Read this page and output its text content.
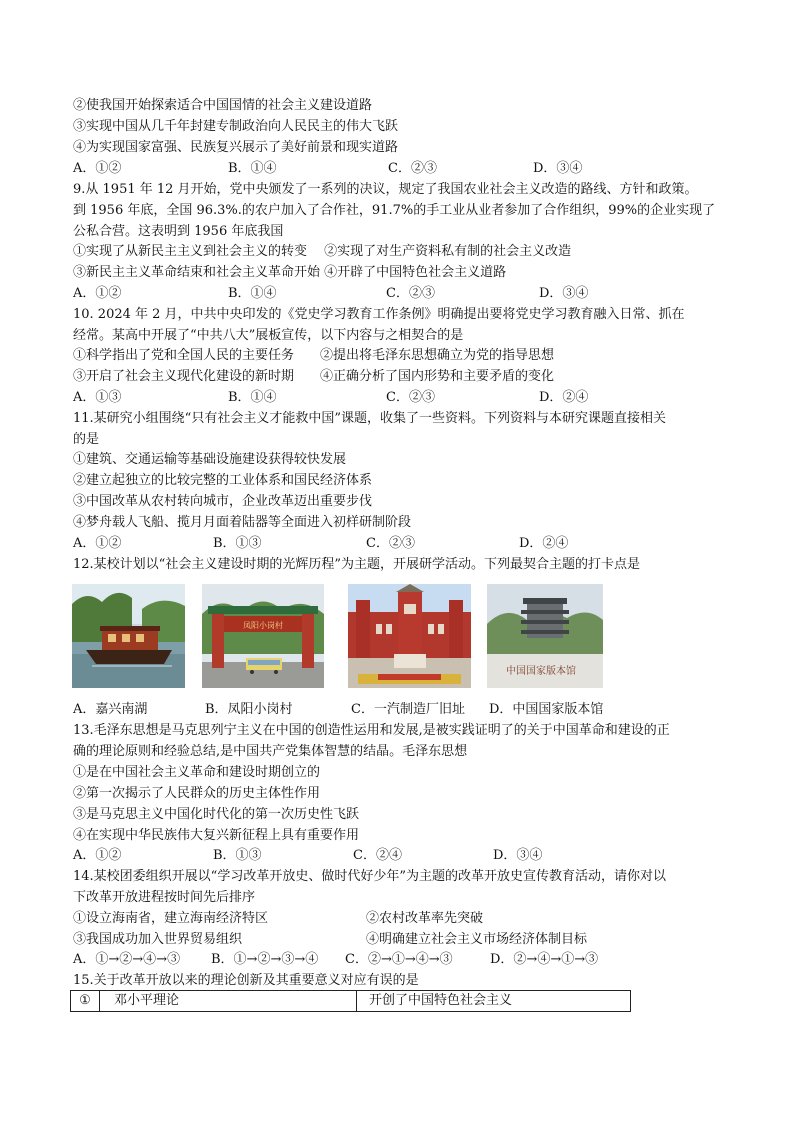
②使我国开始探索适合中国国情的社会主义建设道路
③实现中国从几千年封建专制政治向人民民主的伟大飞跃
④为实现国家富强、民族复兴展示了美好前景和现实道路
A．①②	B．①④	C．②③	D．③④
9.从 1951 年 12 月开始，党中央颁发了一系列的决议，规定了我国农业社会主义改造的路线、方针和政策。
到 1956 年底，全国 96.3%.的农户加入了合作社，91.7%的手工业从业者参加了合作组织，99%的企业实现了
公私合营。这表明到 1956 年底我国
①实现了从新民主主义到社会主义的转变　 ②实现了对生产资料私有制的社会主义改造
③新民主主义革命结束和社会主义革命开始 ④开辟了中国特色社会主义道路
A．①②	B．①④	C．②③	D．③④
10. 2024 年 2 月，中共中央印发的《党史学习教育工作条例》明确提出要将党史学习教育融入日常、抓在
经常。某高中开展了“中共八大”展板宣传，以下内容与之相契合的是
①科学指出了党和全国人民的主要任务　　②提出将毛泽东思想确立为党的指导思想
③开启了社会主义现代化建设的新时期　　④正确分析了国内形势和主要矛盾的变化
A．①③	B．①④	C．②③	D．②④
11.某研究小组围绕“只有社会主义才能救中国”课题，收集了一些资料。下列资料与本研究课题直接相关
的是
①建筑、交通运输等基础设施建设获得较快发展
②建立起独立的比较完整的工业体系和国民经济体系
③中国改革从农村转向城市，企业改革迈出重要步伐
④梦舟载人飞船、揽月月面着陆器等全面进入初样研制阶段
A．①②	B．①③	C．②③	D．②④
12.某校计划以“社会主义建设时期的光辉历程”为主题，开展研学活动。下列最契合主题的打卡点是
凤阳小岗村
中国国家版本馆
A．嘉兴南湖	B．凤阳小岗村	C．一汽制造厂旧址 D．中国国家版本馆
13.毛泽东思想是马克思列宁主义在中国的创造性运用和发展,是被实践证明了的关于中国革命和建设的正
确的理论原则和经验总结,是中国共产党集体智慧的结晶。毛泽东思想
①是在中国社会主义革命和建设时期创立的
②第一次揭示了人民群众的历史主体性作用
③是马克思主义中国化时代化的第一次历史性飞跃
④在实现中华民族伟大复兴新征程上具有重要作用
A．①②	B．①③	C．②④	D．③④
14.某校团委组织开展以“学习改革开放史、做时代好少年”为主题的改革开放史宣传教育活动，请你对以
下改革开放进程按时间先后排序
①设立海南省，建立海南经济特区	②农村改革率先突破
③我国成功加入世界贸易组织	④明确建立社会主义市场经济体制目标
A．①→②→④→③ B．①→②→③→④ C．②→①→④→③	D．②→④→①→③
15.关于改革开放以来的理论创新及其重要意义对应有误的是
①	邓小平理论	开创了中国特色社会主义
